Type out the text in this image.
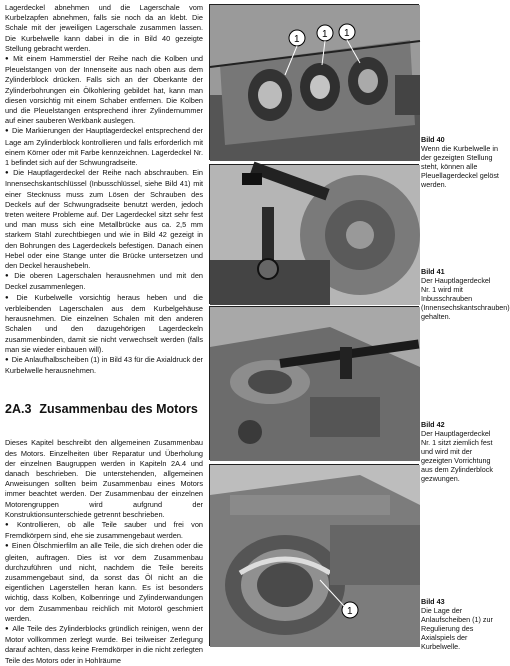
Lagerdeckel abnehmen und die Lagerschale vom Kurbelzapfen abnehmen, falls sie noch da an klebt. Die Schale mit der jeweiligen Lagerschale zusammen lassen. Die Kurbelwelle kann dabei in die in Bild 40 gezeigte Stellung gebracht werden.

● Mit einem Hammerstiel der Reihe nach die Kolben und Pleuelstangen von der Innenseite aus nach oben aus dem Zylinderblock drücken. Falls sich an der Oberkante der Zylinderbohrungen ein Ölkohlering gebildet hat, kann man diesen vorsichtig mit einem Schaber entfernen. Die Kolben und die Pleuelstangen entsprechend ihrer Zylindernummer auf einer sauberen Werkbank auslegen.

● Die Markierungen der Hauptlagerdeckel entsprechend der Lage am Zylinderblock kontrollieren und falls erforderlich mit einem Körner oder mit Farbe kennzeichnen. Lagerdeckel Nr. 1 befindet sich auf der Schwungradseite.

● Die Hauptlagerdeckel der Reihe nach abschrauben. Ein Innensechskantschlüssel (Inbusschlüssel, siehe Bild 41) mit einer Stecknuss muss zum Lösen der Schrauben des Deckels auf der Schwungradseite benutzt werden, jedoch treten weitere Probleme auf. Der Lagerdeckel sitzt sehr fest und man muss sich eine Metallbrücke aus ca. 2,5 mm starkem Stahl zurechtbiegen und wie in Bild 42 gezeigt in den Bohrungen des Lagerdeckels befestigen. Danach einen Hebel oder eine Stange unter die Brücke untersetzen und den Deckel heraushebeln.

● Die oberen Lagerschalen herausnehmen und mit den Deckel zusammenlegen.

● Die Kurbelwelle vorsichtig heraus heben und die verbleibenden Lagerschalen aus dem Kurbelgehäuse herausnehmen. Die einzelnen Schalen mit den anderen Schalen und den dazugehörigen Lagerdeckeln zusammenbinden, damit sie nicht verwechselt werden (falls man sie wieder einbauen will).

● Die Anlaufhalbscheiben (1) in Bild 43 für die Axialdruck der Kurbelwelle herausnehmen.

2A.3 Zusammenbau des Motors

Dieses Kapitel beschreibt den allgemeinen Zusammenbau des Motors. Einzelheiten über Reparatur und Überholung der einzelnen Baugruppen werden in Kapiteln 2A.4 und danach beschrieben. Die unterstehenden, allgemeinen Anweisungen sollten beim Zusammenbau eines Motors immer beachtet werden. Der Zusammenbau der einzelnen Motorengruppen wird aufgrund der Konstruktionsunterschiede getrennt beschrieben.

● Kontrollieren, ob alle Teile sauber und frei von Fremdkörpern sind, ehe sie zusammengebaut werden.

● Einen Ölschmierfilm an alle Teile, die sich drehen oder die gleiten, auftragen. Dies ist vor dem Zusammenbau durchzuführen und nicht, nachdem die Teile bereits zusammengebaut sind, da sonst das Öl nicht an die eigentlichen Lagerstellen heran kann. Es ist besonders wichtig, dass Kolben, Kolbenringe und Zylinderwandungen vor dem Zusammenbau reichlich mit Motoröl geschmiert werden.

● Alle Teile des Zylinderblocks gründlich reinigen, wenn der Motor vollkommen zerlegt wurde. Bei teilweiser Zerlegung darauf achten, dass keine Fremdkörper in die nicht zerlegten Teile des Motors oder in Hohlräume

1 1 1
Bild 40
Wenn die Kurbelwelle in der gezeigten Stellung steht, können alle Pleuellagerdeckel gelöst werden.
Bild 41
Der Hauptlagerdeckel Nr. 1 wird mit Inbusschrauben (Innensechskantschrauben) gehalten.
Bild 42
Der Hauptlagerdeckel Nr. 1 sitzt ziemlich fest und wird mit der gezeigten Vorrichtung aus dem Zylinderblock gezwungen.
1
Bild 43
Die Lage der Anlaufscheiben (1) zur Regulierung des Axialspiels der Kurbelwelle.
